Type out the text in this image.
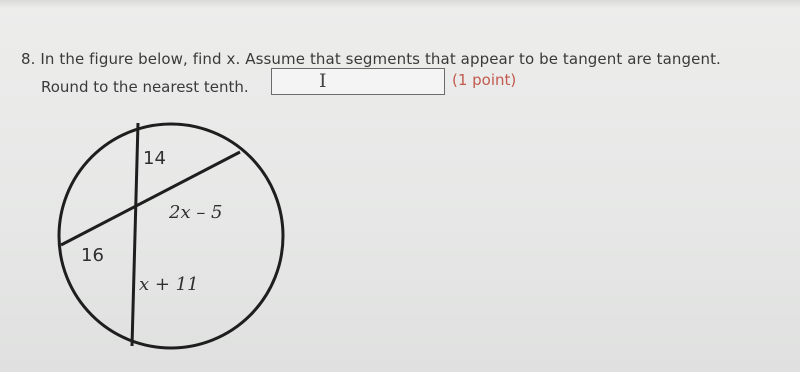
8. In the figure below, find x. Assume that segments that appear to be tangent are tangent.
Round to the nearest tenth.	I	(1 point)
14
2x – 5
16
x + 11
